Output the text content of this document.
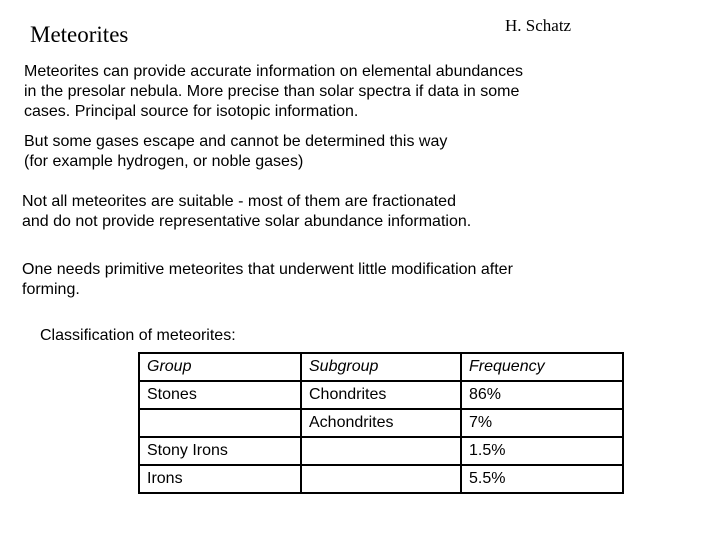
Meteorites	H. Schatz
Meteorites can provide accurate information on elemental abundances
in the presolar nebula. More precise than solar spectra if data in some
cases. Principal source for isotopic information.
But some gases escape and cannot be determined this way
(for example hydrogen, or noble gases)
Not all meteorites are suitable - most of them are fractionated
and do not provide representative solar abundance information.
One needs primitive meteorites that underwent little modification after
forming.
Classification of meteorites:
Group	Subgroup	Frequency
Stones	Chondrites	86%
	Achondrites	7%
Stony Irons		1.5%
Irons		5.5%
